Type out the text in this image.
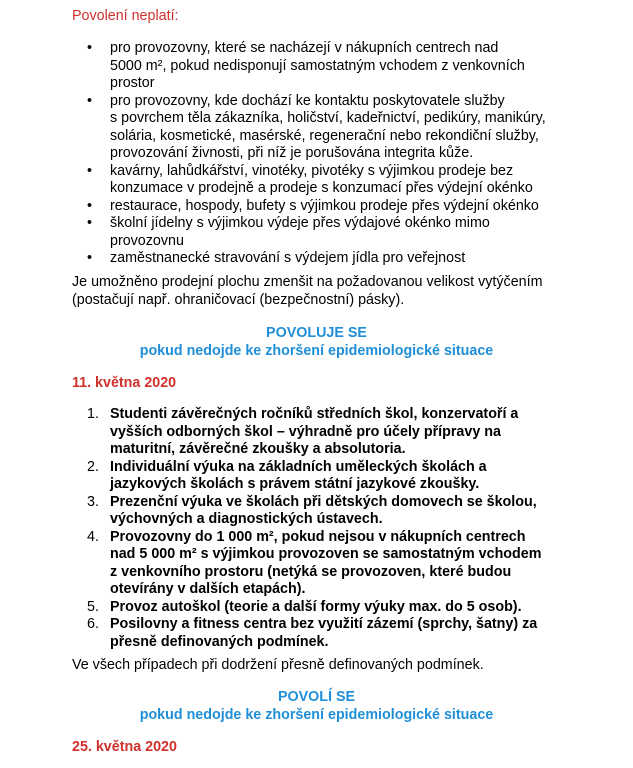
Povolení neplatí:
• pro provozovny, které se nacházejí v nákupních centrech nad
5000 m², pokud nedisponují samostatným vchodem z venkovních
prostor
• pro provozovny, kde dochází ke kontaktu poskytovatele služby
s povrchem těla zákazníka, holičství, kadeřnictví, pedikúry, manikúry,
solária, kosmetické, masérské, regenerační nebo rekondiční služby,
provozování živnosti, při níž je porušována integrita kůže.
• kavárny, lahůdkářství, vinotéky, pivotéky s výjimkou prodeje bez
konzumace v prodejně a prodeje s konzumací přes výdejní okénko
• restaurace, hospody, bufety s výjimkou prodeje přes výdejní okénko
• školní jídelny s výjimkou výdeje přes výdajové okénko mimo
provozovnu
• zaměstnanecké stravování s výdejem jídla pro veřejnost
Je umožněno prodejní plochu zmenšit na požadovanou velikost vytýčením
(postačují např. ohraničovací (bezpečnostní) pásky).
POVOLUJE SE
pokud nedojde ke zhoršení epidemiologické situace
11. května 2020
1. Studenti závěrečných ročníků středních škol, konzervatoří a
vyšších odborných škol – výhradně pro účely přípravy na
maturitní, závěrečné zkoušky a absolutoria.
2. Individuální výuka na základních uměleckých školách a
jazykových školách s právem státní jazykové zkoušky.
3. Prezenční výuka ve školách při dětských domovech se školou,
výchovných a diagnostických ústavech.
4. Provozovny do 1 000 m², pokud nejsou v nákupních centrech
nad 5 000 m² s výjimkou provozoven se samostatným vchodem
z venkovního prostoru (netýká se provozoven, které budou
otevírány v dalších etapách).
5. Provoz autoškol (teorie a další formy výuky max. do 5 osob).
6. Posilovny a fitness centra bez využití zázemí (sprchy, šatny) za
přesně definovaných podmínek.
Ve všech případech při dodržení přesně definovaných podmínek.
POVOLÍ SE
pokud nedojde ke zhoršení epidemiologické situace
25. května 2020
